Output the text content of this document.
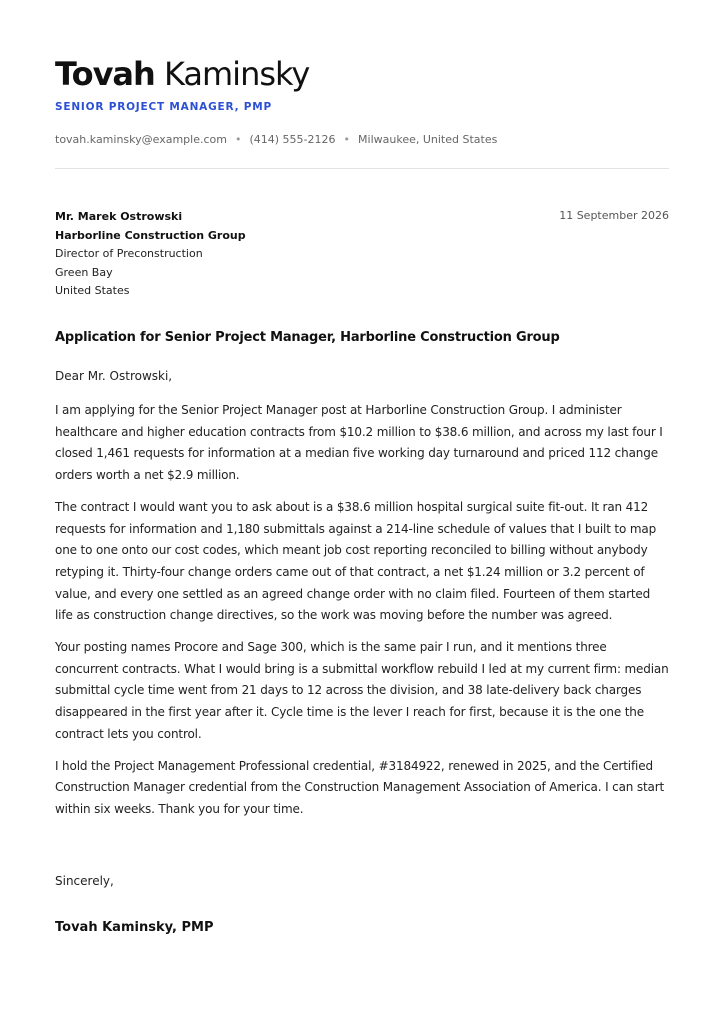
Tovah Kaminsky
SENIOR PROJECT MANAGER, PMP
tovah.kaminsky@example.com • (414) 555-2126 • Milwaukee, United States
Mr. Marek Ostrowski
Harborline Construction Group
Director of Preconstruction
Green Bay
United States
11 September 2026
Application for Senior Project Manager, Harborline Construction Group
Dear Mr. Ostrowski,

I am applying for the Senior Project Manager post at Harborline Construction Group. I administer healthcare and higher education contracts from $10.2 million to $38.6 million, and across my last four I closed 1,461 requests for information at a median five working day turnaround and priced 112 change orders worth a net $2.9 million.

The contract I would want you to ask about is a $38.6 million hospital surgical suite fit-out. It ran 412 requests for information and 1,180 submittals against a 214-line schedule of values that I built to map one to one onto our cost codes, which meant job cost reporting reconciled to billing without anybody retyping it. Thirty-four change orders came out of that contract, a net $1.24 million or 3.2 percent of value, and every one settled as an agreed change order with no claim filed. Fourteen of them started life as construction change directives, so the work was moving before the number was agreed.

Your posting names Procore and Sage 300, which is the same pair I run, and it mentions three concurrent contracts. What I would bring is a submittal workflow rebuild I led at my current firm: median submittal cycle time went from 21 days to 12 across the division, and 38 late-delivery back charges disappeared in the first year after it. Cycle time is the lever I reach for first, because it is the one the contract lets you control.

I hold the Project Management Professional credential, #3184922, renewed in 2025, and the Certified Construction Manager credential from the Construction Management Association of America. I can start within six weeks. Thank you for your time.

Sincerely,
Tovah Kaminsky, PMP
